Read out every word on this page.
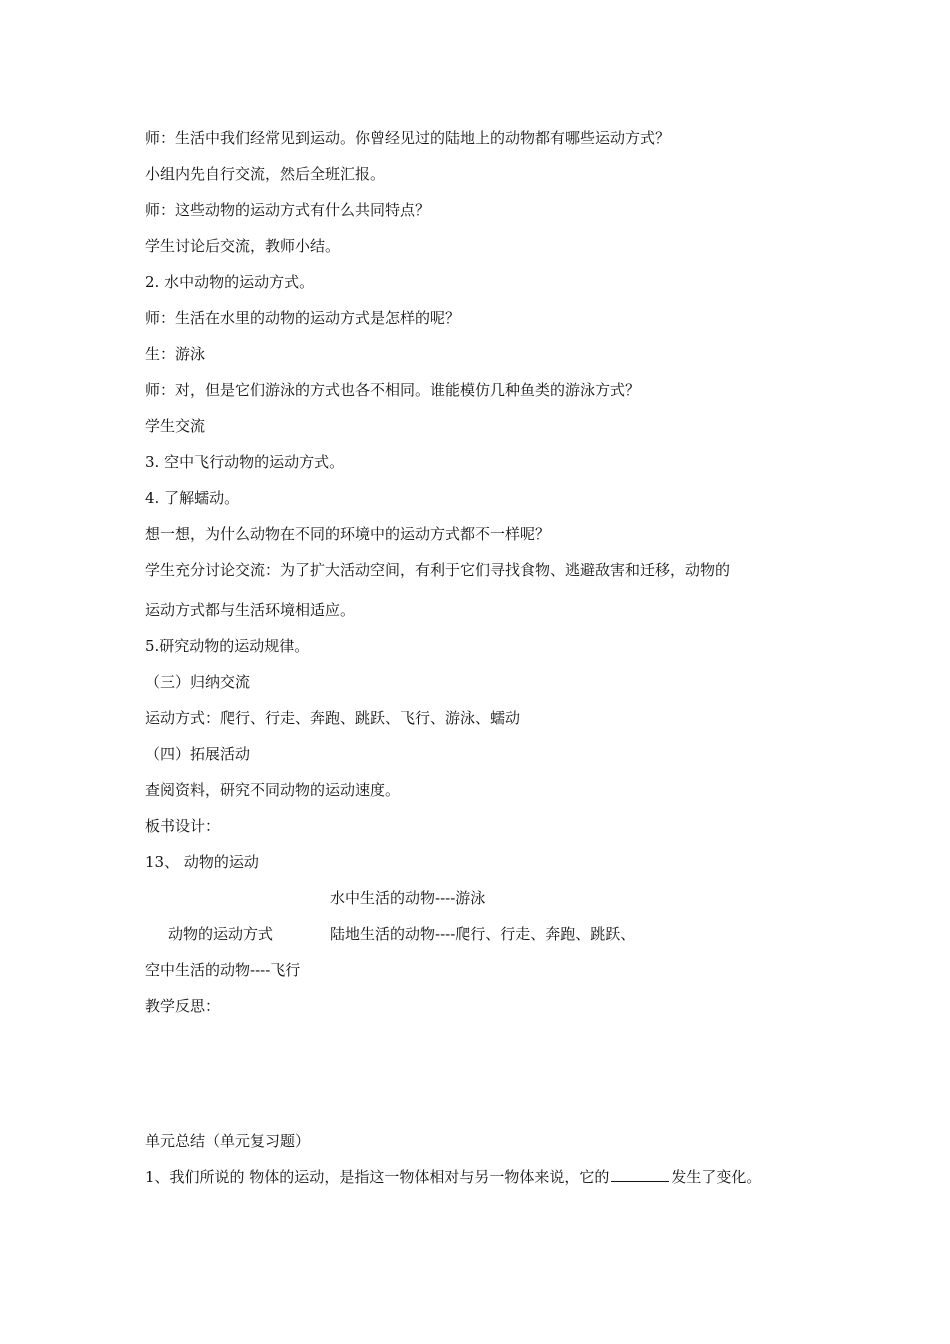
师：生活中我们经常见到运动。你曾经见过的陆地上的动物都有哪些运动方式？
小组内先自行交流，然后全班汇报。
师：这些动物的运动方式有什么共同特点？
学生讨论后交流，教师小结。
2. 水中动物的运动方式。
师：生活在水里的动物的运动方式是怎样的呢？
生：游泳
师：对，但是它们游泳的方式也各不相同。谁能模仿几种鱼类的游泳方式？
学生交流
3. 空中飞行动物的运动方式。
4. 了解蠕动。
想一想，为什么动物在不同的环境中的运动方式都不一样呢？
学生充分讨论交流：为了扩大活动空间，有利于它们寻找食物、逃避敌害和迁移，动物的
运动方式都与生活环境相适应。
5.研究动物的运动规律。
（三）归纳交流
运动方式：爬行、行走、奔跑、跳跃、飞行、游泳、蠕动
（四）拓展活动
查阅资料，研究不同动物的运动速度。
板书设计：
13、 动物的运动
水中生活的动物----游泳
动物的运动方式	陆地生活的动物----爬行、行走、奔跑、跳跃、
空中生活的动物----飞行
教学反思：
单元总结（单元复习题）
1、我们所说的 物体的运动，是指这一物体相对与另一物体来说，它的	发生了变化。
